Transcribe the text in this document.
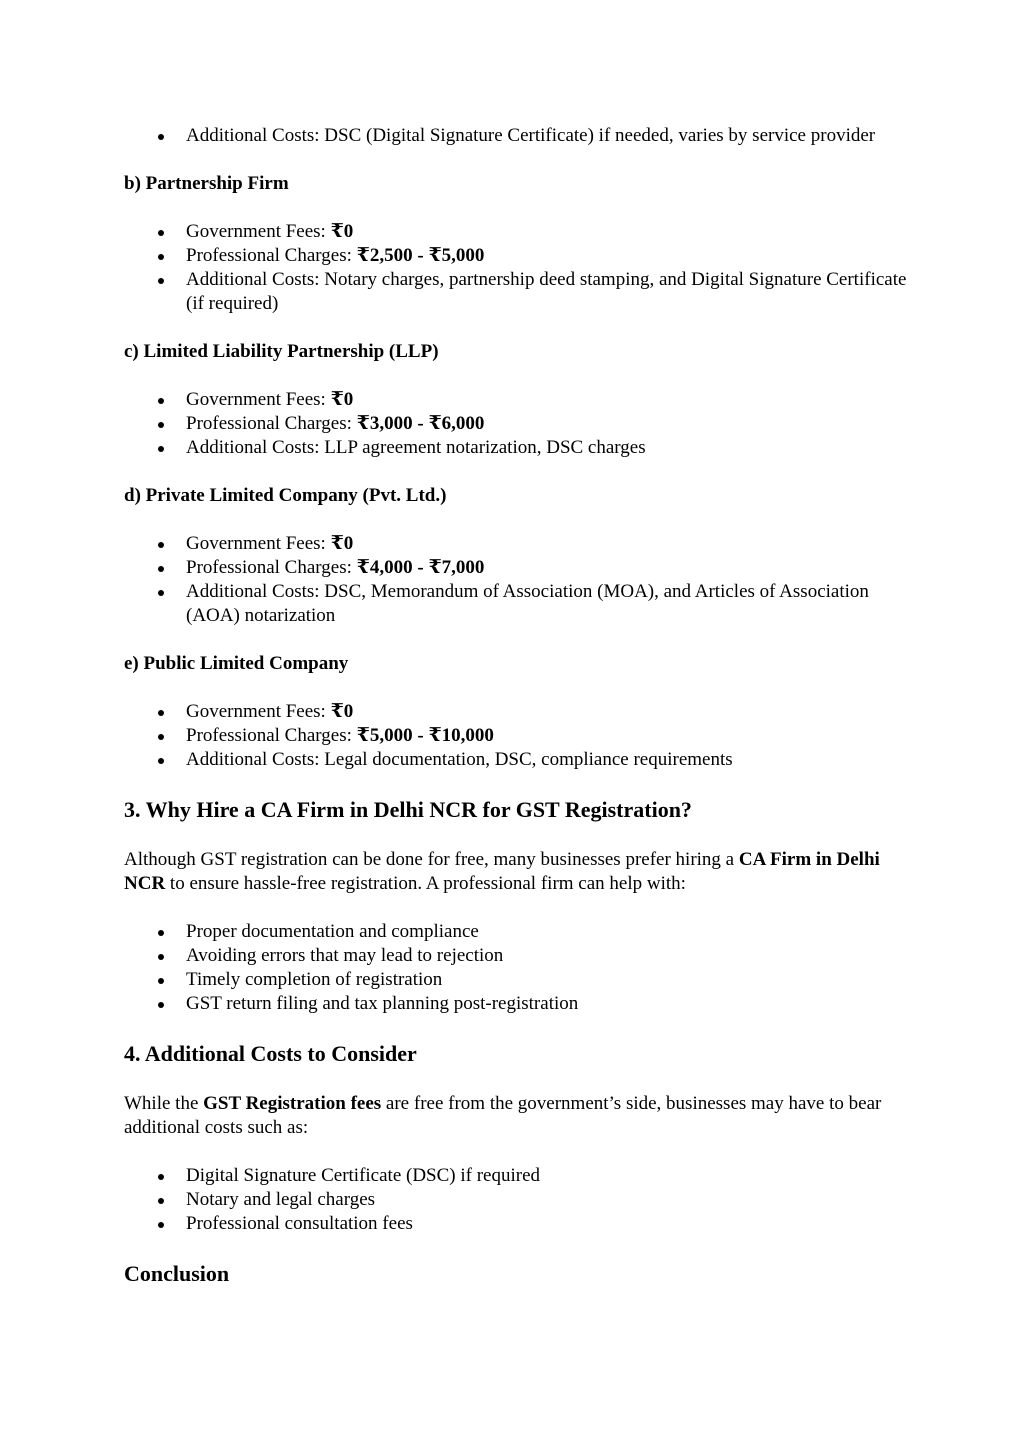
Additional Costs: DSC (Digital Signature Certificate) if needed, varies by service provider

b) Partnership Firm

Government Fees: ₹0
Professional Charges: ₹2,500 - ₹5,000
Additional Costs: Notary charges, partnership deed stamping, and Digital Signature Certificate (if required)

c) Limited Liability Partnership (LLP)

Government Fees: ₹0
Professional Charges: ₹3,000 - ₹6,000
Additional Costs: LLP agreement notarization, DSC charges

d) Private Limited Company (Pvt. Ltd.)

Government Fees: ₹0
Professional Charges: ₹4,000 - ₹7,000
Additional Costs: DSC, Memorandum of Association (MOA), and Articles of Association (AOA) notarization

e) Public Limited Company

Government Fees: ₹0
Professional Charges: ₹5,000 - ₹10,000
Additional Costs: Legal documentation, DSC, compliance requirements

3. Why Hire a CA Firm in Delhi NCR for GST Registration?

Although GST registration can be done for free, many businesses prefer hiring a CA Firm in Delhi NCR to ensure hassle-free registration. A professional firm can help with:

Proper documentation and compliance
Avoiding errors that may lead to rejection
Timely completion of registration
GST return filing and tax planning post-registration

4. Additional Costs to Consider

While the GST Registration fees are free from the government’s side, businesses may have to bear additional costs such as:

Digital Signature Certificate (DSC) if required
Notary and legal charges
Professional consultation fees

Conclusion
